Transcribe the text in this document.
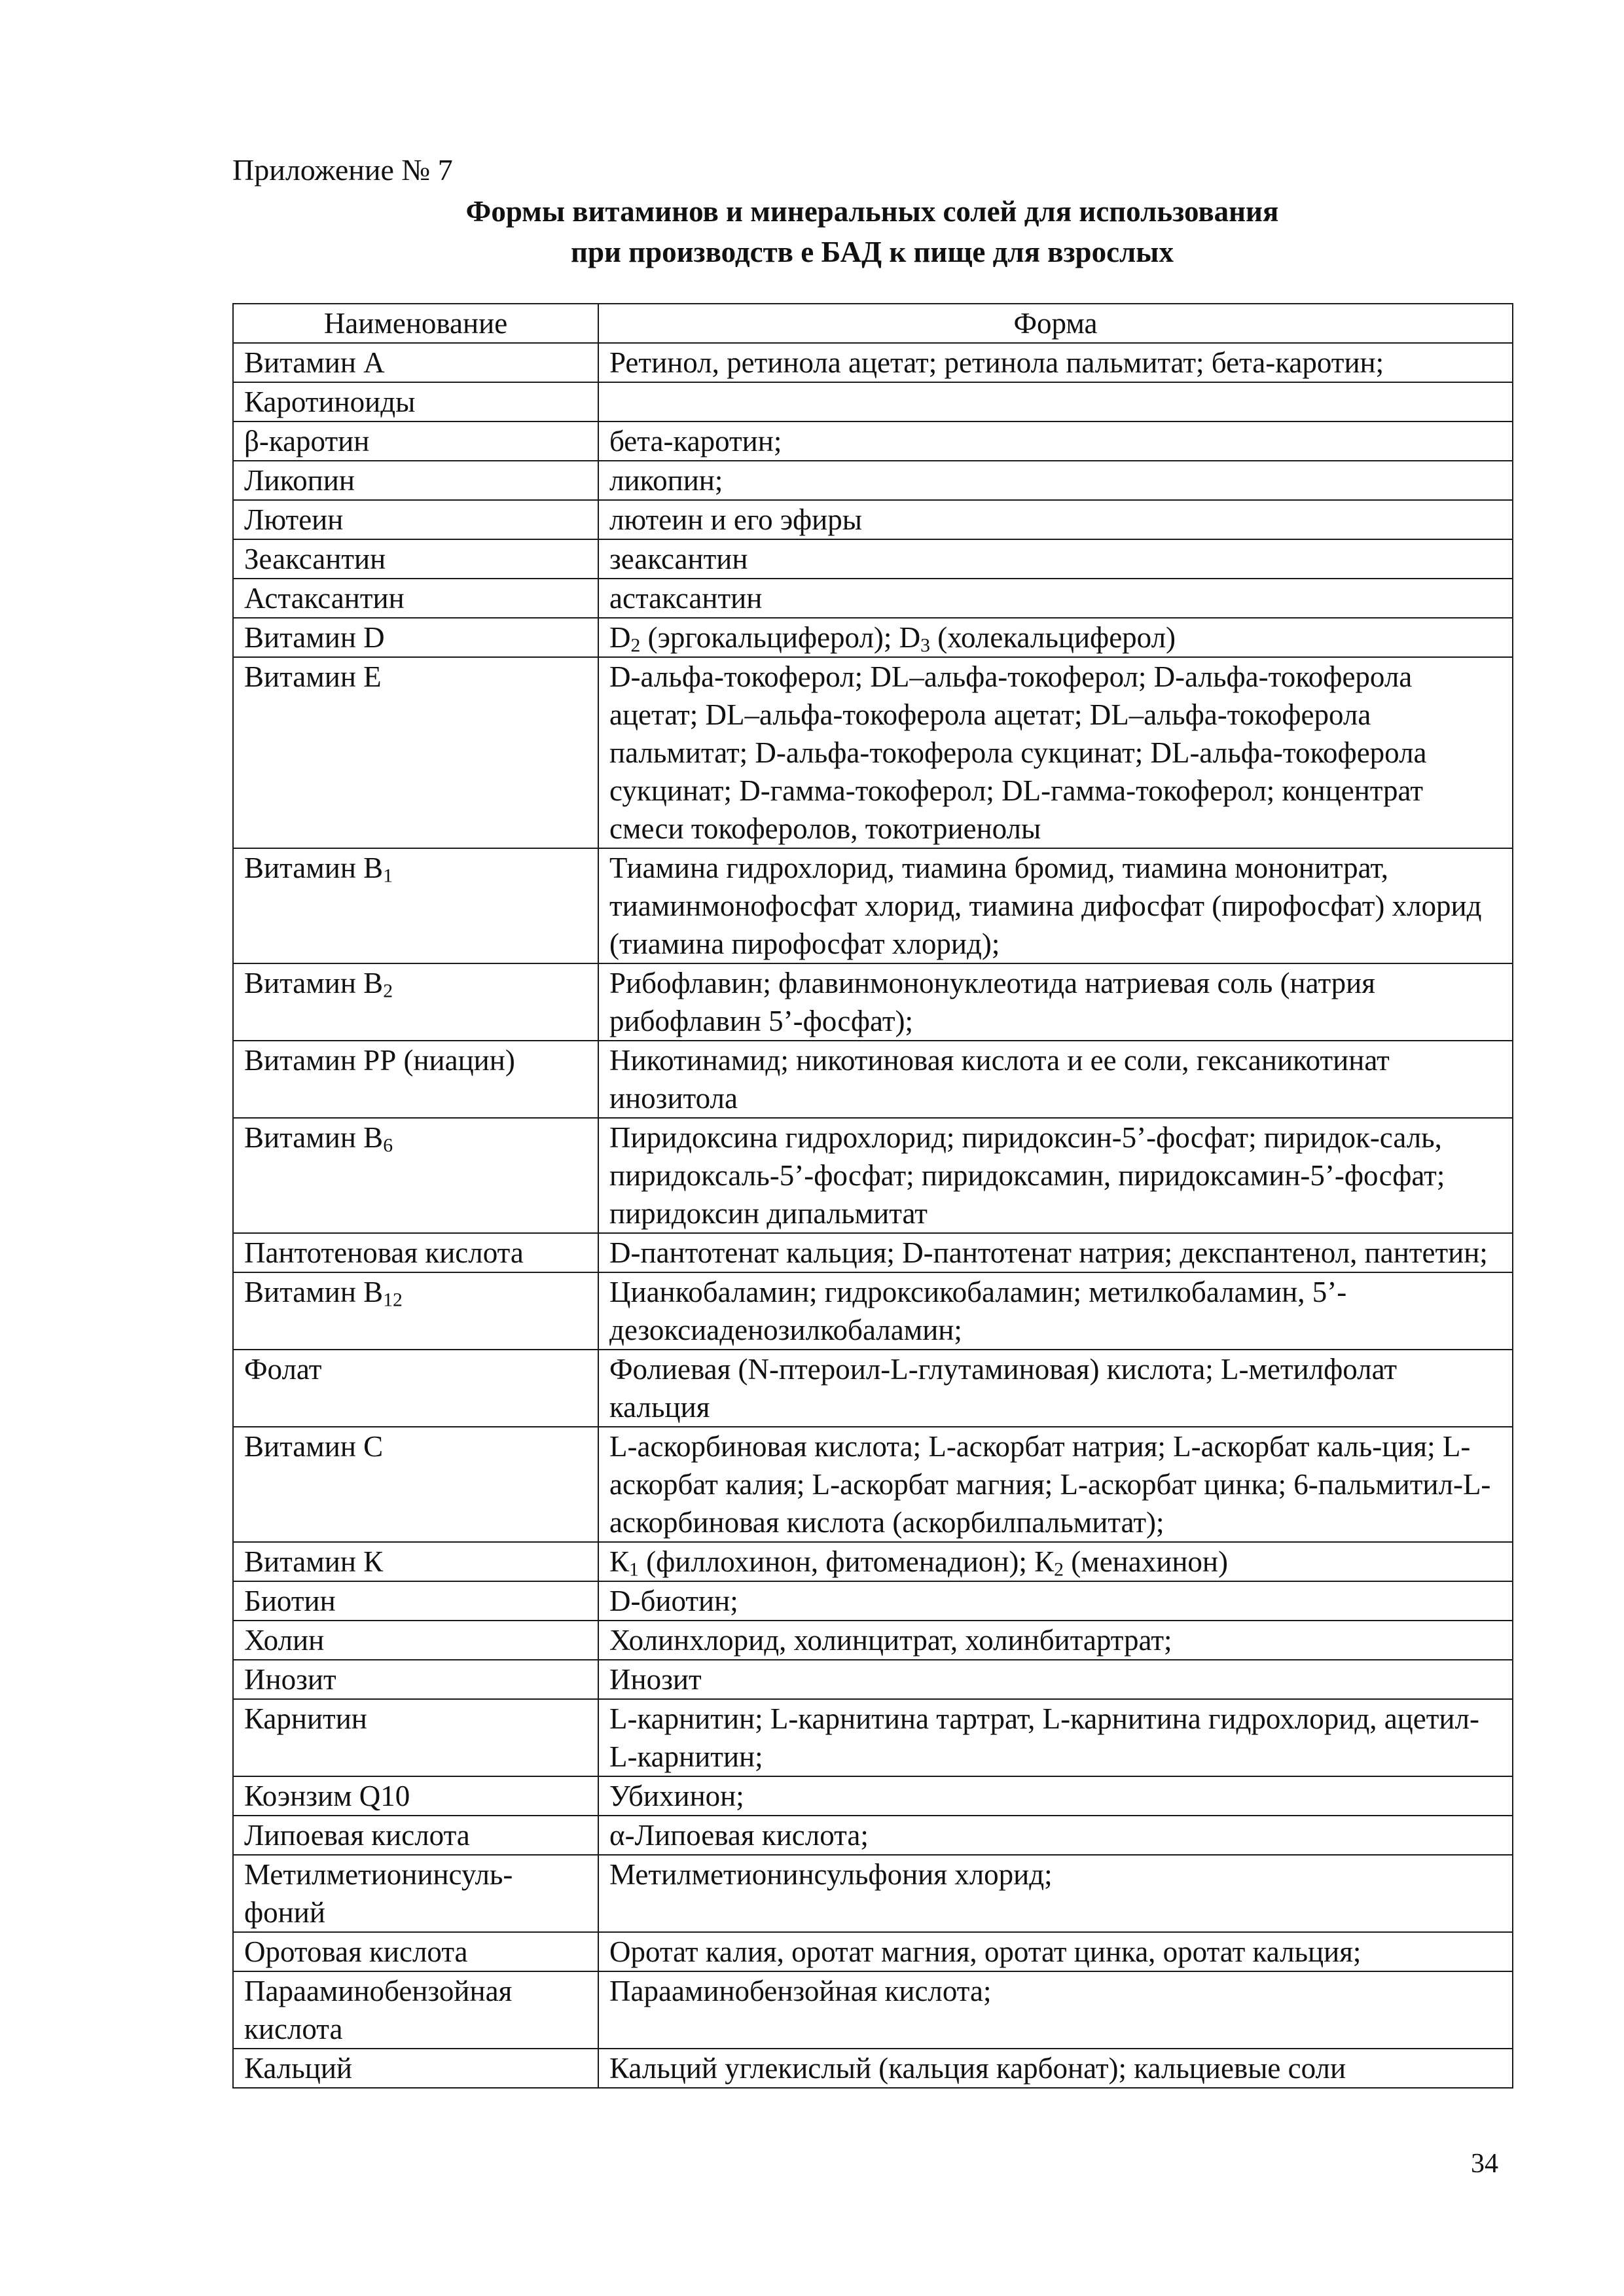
Приложение № 7
Формы витаминов и минеральных солей для использования
при производств е БАД к пище для взрослых
Наименование	Форма
Витамин А	Ретинол, ретинола ацетат; ретинола пальмитат; бета-каротин;
Каротиноиды	
β-каротин	бета-каротин;
Ликопин	ликопин;
Лютеин	лютеин и его эфиры
Зеаксантин	зеаксантин
Астаксантин	астаксантин
Витамин D	$D_2$ (эргокальциферол); $D_3$ (холекальциферол)
Витамин Е	D-альфа-токоферол; DL–альфа-токоферол; D-альфа-токоферола ацетат; DL–альфа-токоферола ацетат; DL–альфа-токоферола пальмитат; D-альфа-токоферола сукцинат; DL-альфа-токоферола сукцинат; D-гамма-токоферол; DL-гамма-токоферол; концентрат смеси токоферолов, токотриенолы
Витамин $В_1$	Тиамина гидрохлорид, тиамина бромид, тиамина мононитрат, тиаминмонофосфат хлорид, тиамина дифосфат (пирофосфат) хлорид (тиамина пирофосфат хлорид);
Витамин $В_2$	Рибофлавин; флавинмононуклеотида натриевая соль (натрия рибофлавин 5’-фосфат);
Витамин РР (ниацин)	Никотинамид; никотиновая кислота и ее соли, гексаникотинат инозитола
Витамин $В_6$	Пиридоксина гидрохлорид; пиридоксин-5’-фосфат; пиридок-саль, пиридоксаль-5’-фосфат; пиридоксамин, пиридоксамин-5’-фосфат; пиридоксин дипальмитат
Пантотеновая кислота	D-пантотенат кальция; D-пантотенат натрия; декспантенол, пантетин;
Витамин $В_{12}$	Цианкобаламин; гидроксикобаламин; метилкобаламин, 5’-дезоксиаденозилкобаламин;
Фолат	Фолиевая (N-птероил-L-глутаминовая) кислота; L-метилфолат кальция
Витамин С	L-аскорбиновая кислота; L-аскорбат натрия; L-аскорбат каль-ция; L-аскорбат калия; L-аскорбат магния; L-аскорбат цинка; 6-пальмитил-L-аскорбиновая кислота (аскорбилпальмитат);
Витамин К	$К_1$ (филлохинон, фитоменадион); $К_2$ (менахинон)
Биотин	D-биотин;
Холин	Холинхлорид, холинцитрат, холинбитартрат;
Инозит	Инозит
Карнитин	L-карнитин; L-карнитина тартрат, L-карнитина гидрохлорид, ацетил-L-карнитин;
Коэнзим Q10	Убихинон;
Липоевая кислота	α-Липоевая кислота;
Метилметионинсуль-фоний	Метилметионинсульфония хлорид;
Оротовая кислота	Оротат калия, оротат магния, оротат цинка, оротат кальция;
Парааминобензойная кислота	Парааминобензойная кислота;
Кальций	Кальций углекислый (кальция карбонат); кальциевые соли
34
